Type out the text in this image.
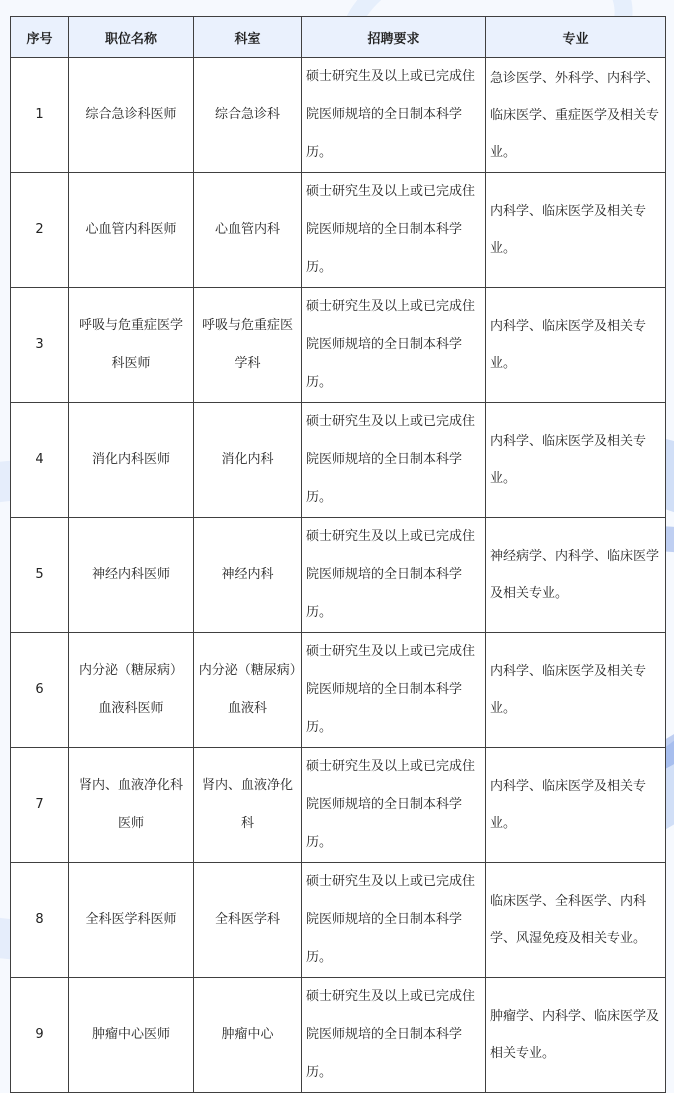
序号	职位名称	科室	招聘要求	专业
1	综合急诊科医师	综合急诊科	硕士研究生及以上或已完成住院医师规培的全日制本科学历。	急诊医学、外科学、内科学、临床医学、重症医学及相关专业。
2	心血管内科医师	心血管内科	硕士研究生及以上或已完成住院医师规培的全日制本科学历。	内科学、临床医学及相关专业。
3	呼吸与危重症医学科医师	呼吸与危重症医学科	硕士研究生及以上或已完成住院医师规培的全日制本科学历。	内科学、临床医学及相关专业。
4	消化内科医师	消化内科	硕士研究生及以上或已完成住院医师规培的全日制本科学历。	内科学、临床医学及相关专业。
5	神经内科医师	神经内科	硕士研究生及以上或已完成住院医师规培的全日制本科学历。	神经病学、内科学、临床医学及相关专业。
6	内分泌（糖尿病）血液科医师	内分泌（糖尿病）血液科	硕士研究生及以上或已完成住院医师规培的全日制本科学历。	内科学、临床医学及相关专业。
7	肾内、血液净化科医师	肾内、血液净化科	硕士研究生及以上或已完成住院医师规培的全日制本科学历。	内科学、临床医学及相关专业。
8	全科医学科医师	全科医学科	硕士研究生及以上或已完成住院医师规培的全日制本科学历。	临床医学、全科医学、内科学、风湿免疫及相关专业。
9	肿瘤中心医师	肿瘤中心	硕士研究生及以上或已完成住院医师规培的全日制本科学历。	肿瘤学、内科学、临床医学及相关专业。
